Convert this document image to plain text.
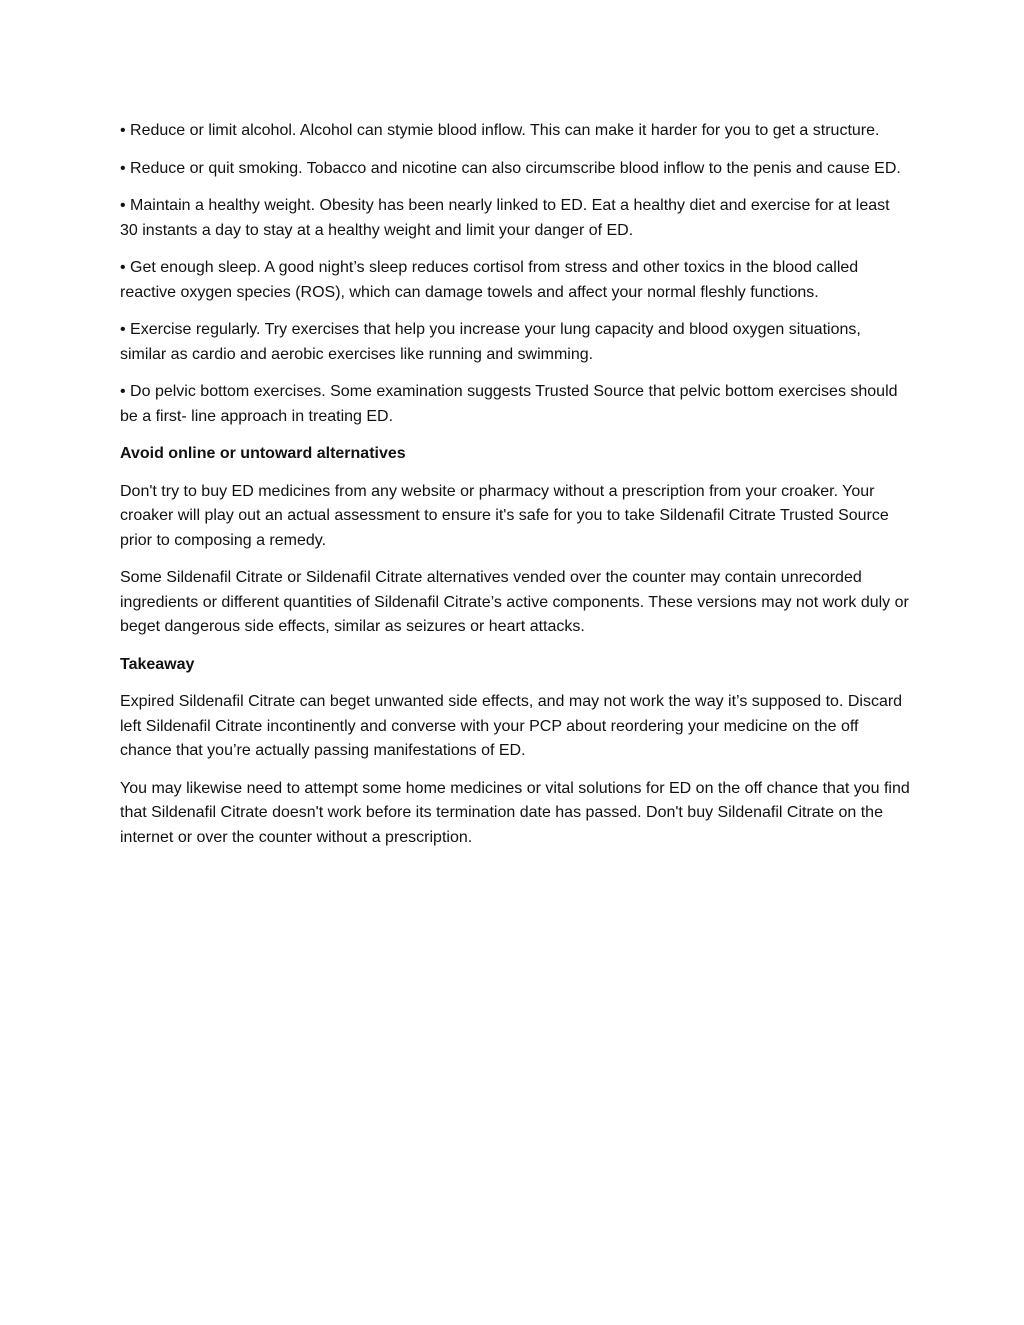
• Reduce or limit alcohol. Alcohol can stymie blood inflow. This can make it harder for you to get a structure.

• Reduce or quit smoking. Tobacco and nicotine can also circumscribe blood inflow to the penis and cause ED.

• Maintain a healthy weight. Obesity has been nearly linked to ED. Eat a healthy diet and exercise for at least 30 instants a day to stay at a healthy weight and limit your danger of ED.

• Get enough sleep. A good night’s sleep reduces cortisol from stress and other toxics in the blood called reactive oxygen species (ROS), which can damage towels and affect your normal fleshly functions.

• Exercise regularly. Try exercises that help you increase your lung capacity and blood oxygen situations, similar as cardio and aerobic exercises like running and swimming.

• Do pelvic bottom exercises. Some examination suggests Trusted Source that pelvic bottom exercises should be a first- line approach in treating ED.

Avoid online or untoward alternatives

Don't try to buy ED medicines from any website or pharmacy without a prescription from your croaker. Your croaker will play out an actual assessment to ensure it's safe for you to take Sildenafil Citrate Trusted Source prior to composing a remedy.

Some Sildenafil Citrate or Sildenafil Citrate alternatives vended over the counter may contain unrecorded ingredients or different quantities of Sildenafil Citrate’s active components. These versions may not work duly or beget dangerous side effects, similar as seizures or heart attacks.

Takeaway

Expired Sildenafil Citrate can beget unwanted side effects, and may not work the way it’s supposed to. Discard left Sildenafil Citrate incontinently and converse with your PCP about reordering your medicine on the off chance that you’re actually passing manifestations of ED.

You may likewise need to attempt some home medicines or vital solutions for ED on the off chance that you find that Sildenafil Citrate doesn't work before its termination date has passed. Don't buy Sildenafil Citrate on the internet or over the counter without a prescription.
